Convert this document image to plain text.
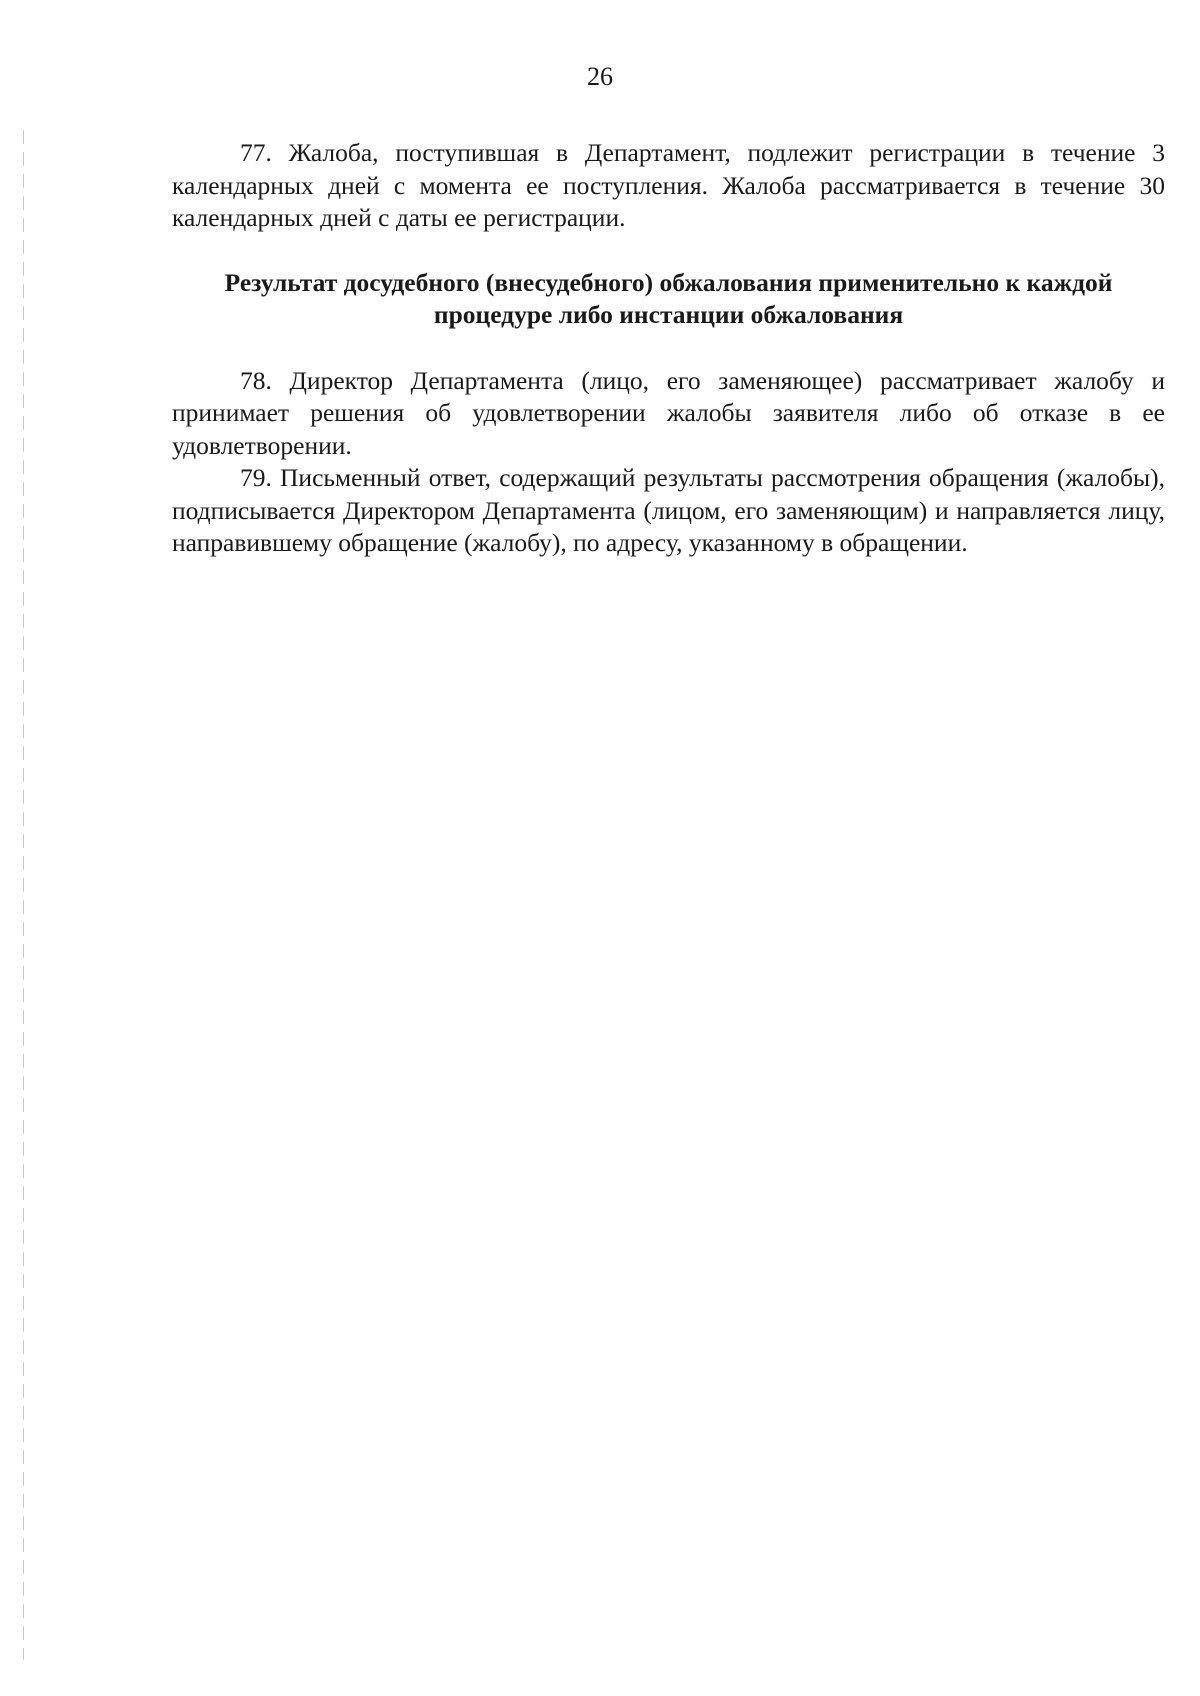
26

77. Жалоба, поступившая в Департамент, подлежит регистрации в течение 3 календарных дней с момента ее поступления. Жалоба рассматривается в течение 30 календарных дней с даты ее регистрации.

Результат досудебного (внесудебного) обжалования применительно к каждой процедуре либо инстанции обжалования

78. Директор Департамента (лицо, его заменяющее) рассматривает жалобу и принимает решения об удовлетворении жалобы заявителя либо об отказе в ее удовлетворении.

79. Письменный ответ, содержащий результаты рассмотрения обращения (жалобы), подписывается Директором Департамента (лицом, его заменяющим) и направляется лицу, направившему обращение (жалобу), по адресу, указанному в обращении.
